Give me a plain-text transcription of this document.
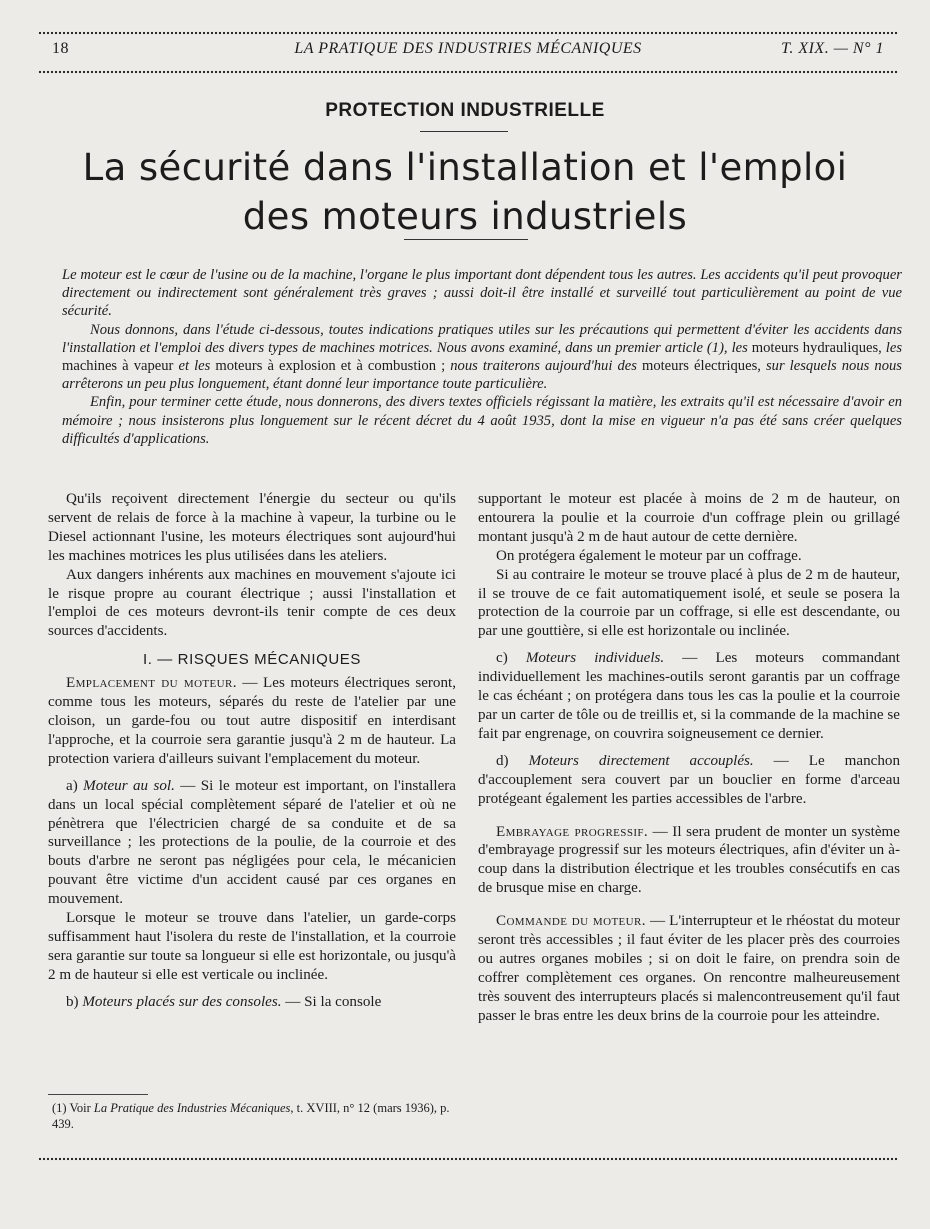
18	LA PRATIQUE DES INDUSTRIES MÉCANIQUES	T. XIX. — N° 1
PROTECTION INDUSTRIELLE
La sécurité dans l'installation et l'emploi
des moteurs industriels

Le moteur est le cœur de l'usine ou de la machine, l'organe le plus important dont dépendent tous les autres. Les accidents qu'il peut provoquer directement ou indirectement sont généralement très graves ; aussi doit-il être installé et surveillé tout particulièrement au point de vue sécurité.

Nous donnons, dans l'étude ci-dessous, toutes indications pratiques utiles sur les précautions qui permettent d'éviter les accidents dans l'installation et l'emploi des divers types de machines motrices. Nous avons examiné, dans un premier article (1), les moteurs hydrauliques, les machines à vapeur et les moteurs à explosion et à combustion ; nous traiterons aujourd'hui des moteurs électriques, sur lesquels nous nous arrêterons un peu plus longuement, étant donné leur importance toute particulière.

Enfin, pour terminer cette étude, nous donnerons, des divers textes officiels régissant la matière, les extraits qu'il est nécessaire d'avoir en mémoire ; nous insisterons plus longuement sur le récent décret du 4 août 1935, dont la mise en vigueur n'a pas été sans créer quelques difficultés d'applications.

Qu'ils reçoivent directement l'énergie du secteur ou qu'ils servent de relais de force à la machine à vapeur, la turbine ou le Diesel actionnant l'usine, les moteurs électriques sont aujourd'hui les machines motrices les plus utilisées dans les ateliers.

Aux dangers inhérents aux machines en mouvement s'ajoute ici le risque propre au courant électrique ; aussi l'installation et l'emploi de ces moteurs devront-ils tenir compte de ces deux sources d'accidents.

I. — RISQUES MÉCANIQUES

Emplacement du moteur. — Les moteurs électriques seront, comme tous les moteurs, séparés du reste de l'atelier par une cloison, un garde-fou ou tout autre dispositif en interdisant l'approche, et la courroie sera garantie jusqu'à 2 m de hauteur. La protection variera d'ailleurs suivant l'emplacement du moteur.

a) Moteur au sol. — Si le moteur est important, on l'installera dans un local spécial complètement séparé de l'atelier et où ne pénètrera que l'électricien chargé de sa conduite et de sa surveillance ; les protections de la poulie, de la courroie et des bouts d'arbre ne seront pas négligées pour cela, le mécanicien pouvant être victime d'un accident causé par ces organes en mouvement.

Lorsque le moteur se trouve dans l'atelier, un garde-corps suffisamment haut l'isolera du reste de l'installation, et la courroie sera garantie sur toute sa longueur si elle est horizontale, ou jusqu'à 2 m de hauteur si elle est verticale ou inclinée.

b) Moteurs placés sur des consoles. — Si la console

(1) Voir La Pratique des Industries Mécaniques, t. XVIII, n° 12 (mars 1936), p. 439.

supportant le moteur est placée à moins de 2 m de hauteur, on entourera la poulie et la courroie d'un coffrage plein ou grillagé montant jusqu'à 2 m de haut autour de cette dernière.

On protégera également le moteur par un coffrage.

Si au contraire le moteur se trouve placé à plus de 2 m de hauteur, il se trouve de ce fait automatiquement isolé, et seule se posera la protection de la courroie par un coffrage, si elle est descendante, ou par une gouttière, si elle est horizontale ou inclinée.

c) Moteurs individuels. — Les moteurs commandant individuellement les machines-outils seront garantis par un coffrage le cas échéant ; on protégera dans tous les cas la poulie et la courroie par un carter de tôle ou de treillis et, si la commande de la machine se fait par engrenage, on couvrira soigneusement ce dernier.

d) Moteurs directement accouplés. — Le manchon d'accouplement sera couvert par un bouclier en forme d'arceau protégeant également les parties accessibles de l'arbre.

Embrayage progressif. — Il sera prudent de monter un système d'embrayage progressif sur les moteurs électriques, afin d'éviter un à-coup dans la distribution électrique et les troubles consécutifs en cas de brusque mise en charge.

Commande du moteur. — L'interrupteur et le rhéostat du moteur seront très accessibles ; il faut éviter de les placer près des courroies ou autres organes mobiles ; si on doit le faire, on prendra soin de coffrer complètement ces organes. On rencontre malheureusement très souvent des interrupteurs placés si malencontreusement qu'il faut passer le bras entre les deux brins de la courroie pour les atteindre.
